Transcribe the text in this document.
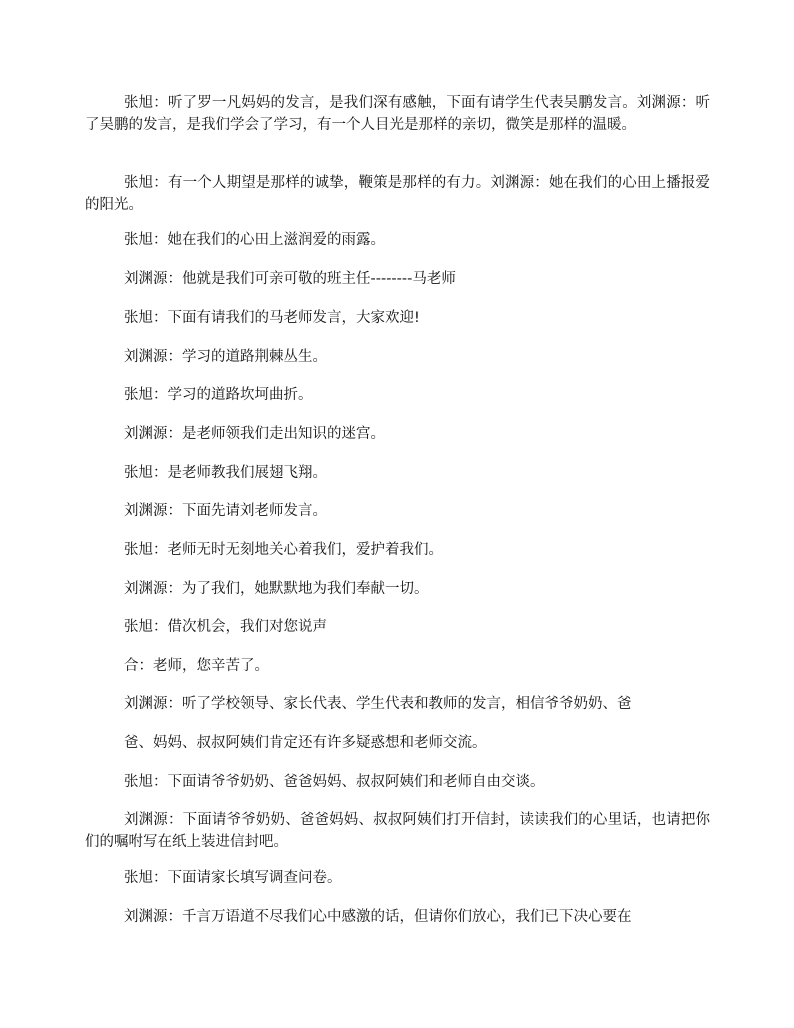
张旭：听了罗一凡妈妈的发言，是我们深有感触，下面有请学生代表吴鹏发言。刘渊源：听了吴鹏的发言，是我们学会了学习，有一个人目光是那样的亲切，微笑是那样的温暖。

张旭：有一个人期望是那样的诚挚，鞭策是那样的有力。刘渊源：她在我们的心田上播报爱的阳光。

张旭：她在我们的心田上滋润爱的雨露。

刘渊源：他就是我们可亲可敬的班主任--------马老师

张旭：下面有请我们的马老师发言，大家欢迎!

刘渊源：学习的道路荆棘丛生。

张旭：学习的道路坎坷曲折。

刘渊源：是老师领我们走出知识的迷宫。

张旭：是老师教我们展翅飞翔。

刘渊源：下面先请刘老师发言。

张旭：老师无时无刻地关心着我们，爱护着我们。

刘渊源：为了我们，她默默地为我们奉献一切。

张旭：借次机会，我们对您说声

合：老师，您辛苦了。

刘渊源：听了学校领导、家长代表、学生代表和教师的发言，相信爷爷奶奶、爸

爸、妈妈、叔叔阿姨们肯定还有许多疑惑想和老师交流。

张旭：下面请爷爷奶奶、爸爸妈妈、叔叔阿姨们和老师自由交谈。

刘渊源：下面请爷爷奶奶、爸爸妈妈、叔叔阿姨们打开信封，读读我们的心里话，也请把你们的嘱咐写在纸上装进信封吧。

张旭：下面请家长填写调查问卷。

刘渊源：千言万语道不尽我们心中感激的话，但请你们放心，我们已下决心要在
